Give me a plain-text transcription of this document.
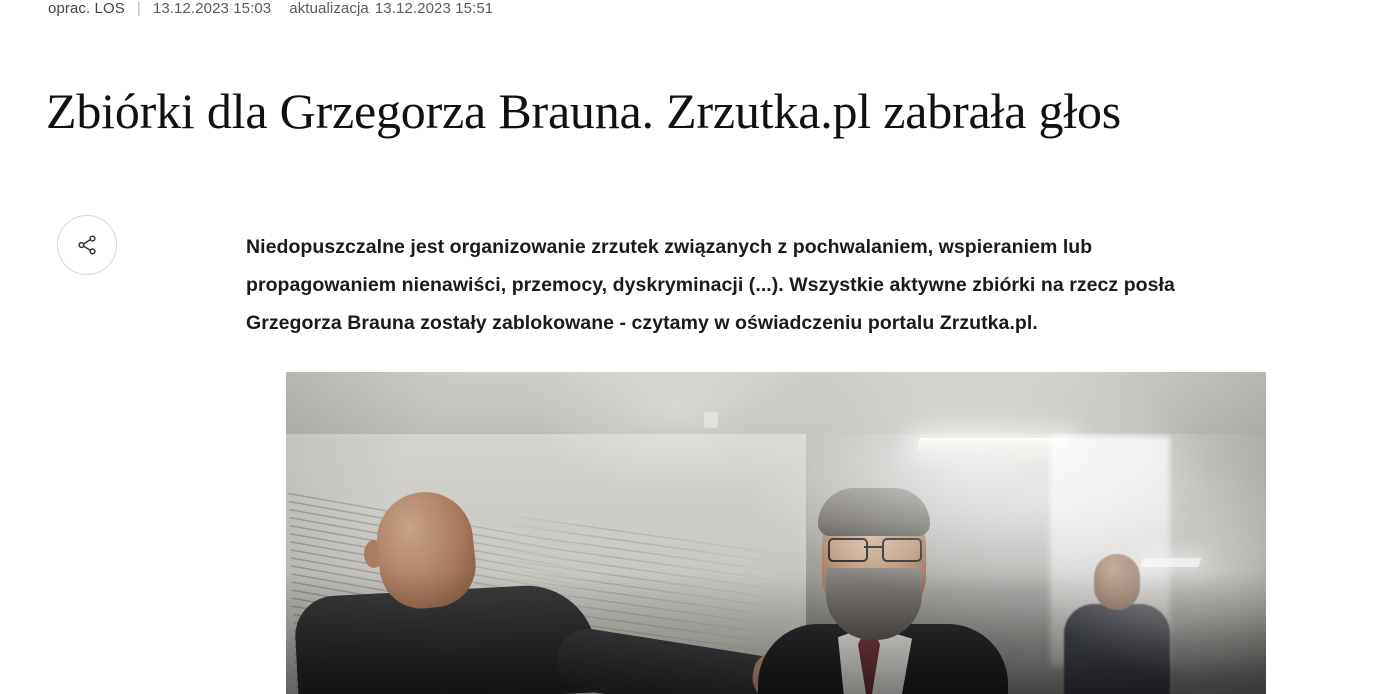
oprac. LOS | 13.12.2023 15:03 aktualizacja 13.12.2023 15:51
Zbiórki dla Grzegorza Brauna. Zrzutka.pl zabrała głos

Niedopuszczalne jest organizowanie zrzutek związanych z pochwalaniem, wspieraniem lub propagowaniem nienawiści, przemocy, dyskryminacji (...). Wszystkie aktywne zbiórki na rzecz posła Grzegorza Brauna zostały zablokowane - czytamy w oświadczeniu portalu Zrzutka.pl.
